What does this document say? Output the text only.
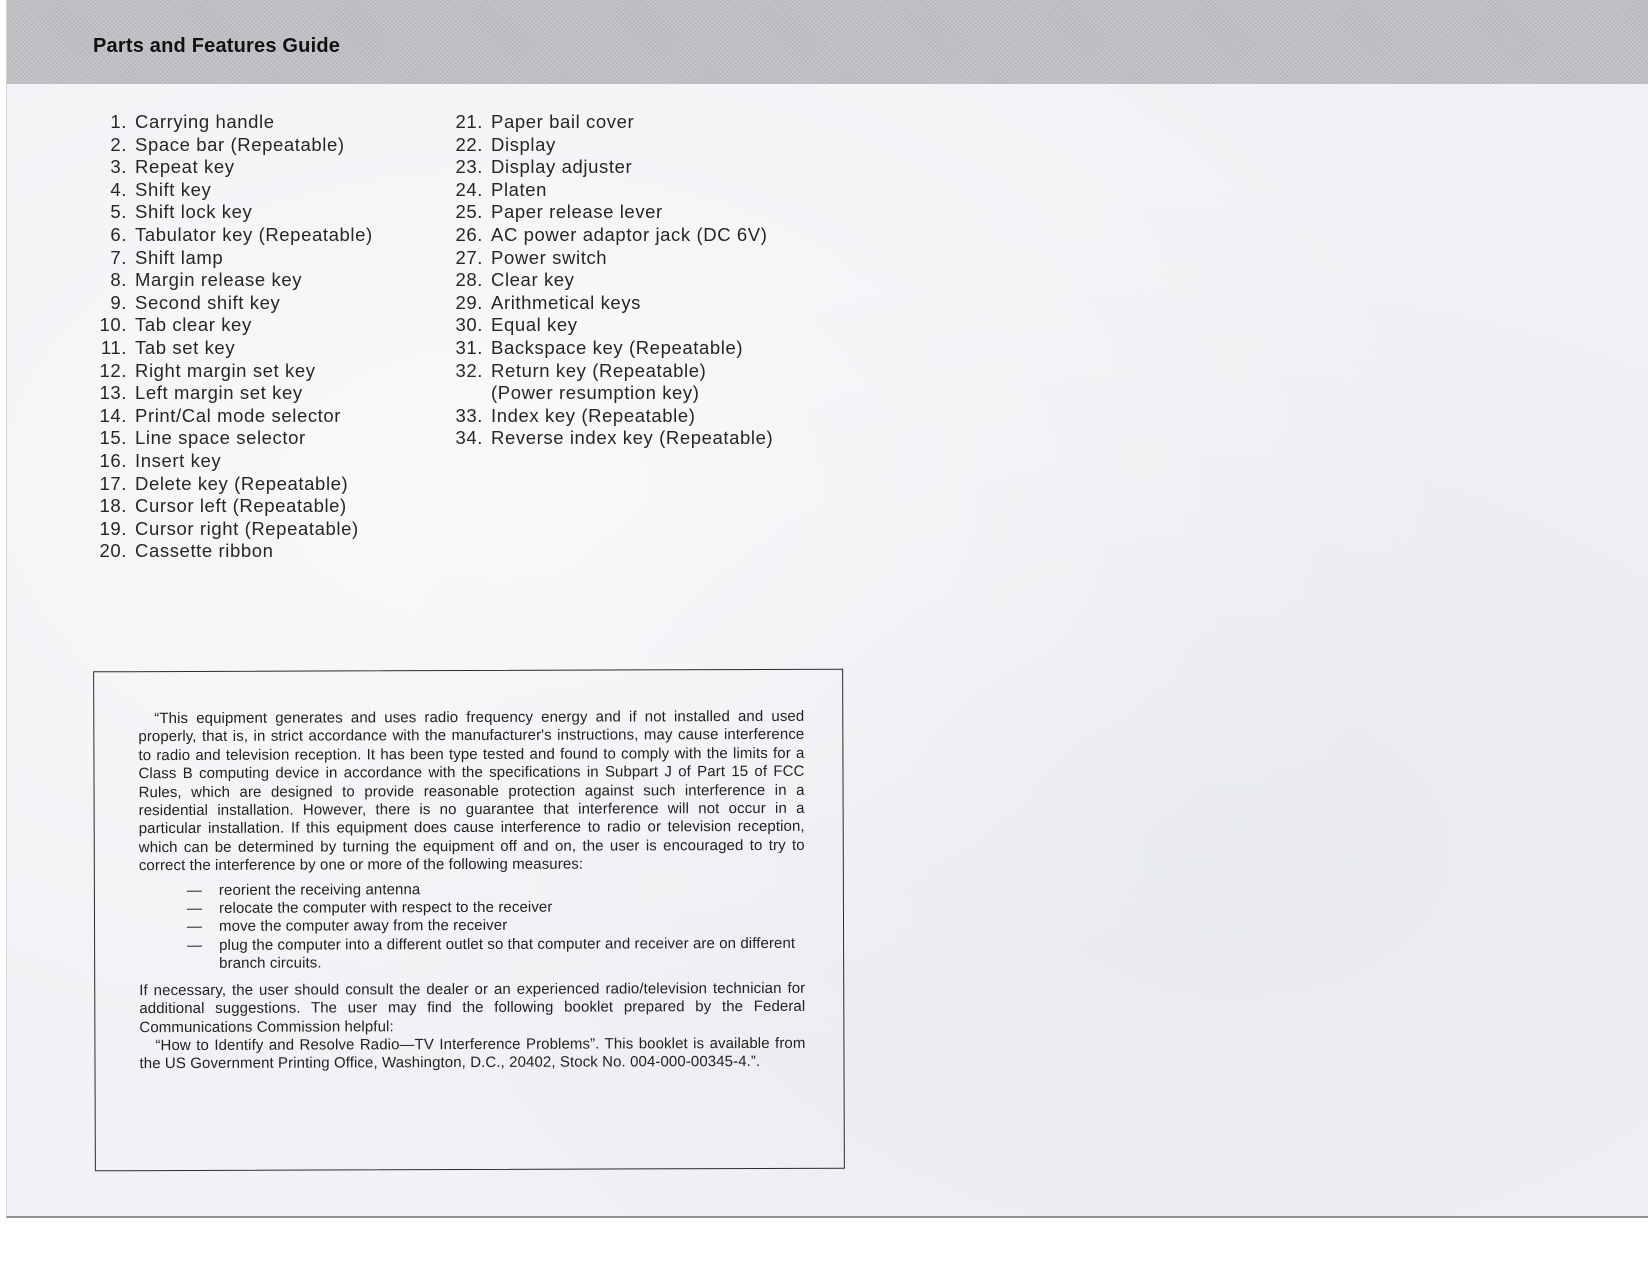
Parts and Features Guide
1. Carrying handle
2. Space bar (Repeatable)
3. Repeat key
4. Shift key
5. Shift lock key
6. Tabulator key (Repeatable)
7. Shift lamp
8. Margin release key
9. Second shift key
10. Tab clear key
11. Tab set key
12. Right margin set key
13. Left margin set key
14. Print/Cal mode selector
15. Line space selector
16. Insert key
17. Delete key (Repeatable)
18. Cursor left (Repeatable)
19. Cursor right (Repeatable)
20. Cassette ribbon
21. Paper bail cover
22. Display
23. Display adjuster
24. Platen
25. Paper release lever
26. AC power adaptor jack (DC 6V)
27. Power switch
28. Clear key
29. Arithmetical keys
30. Equal key
31. Backspace key (Repeatable)
32. Return key (Repeatable)
(Power resumption key)
33. Index key (Repeatable)
34. Reverse index key (Repeatable)

“This equipment generates and uses radio frequency energy and if not installed and used properly, that is, in strict accordance with the manufacturer's instructions, may cause interference to radio and television reception. It has been type tested and found to comply with the limits for a Class B computing device in accordance with the specifications in Subpart J of Part 15 of FCC Rules, which are designed to provide reasonable protection against such interference in a residential installation. However, there is no guarantee that interference will not occur in a particular installation. If this equipment does cause interference to radio or television reception, which can be determined by turning the equipment off and on, the user is encouraged to try to correct the interference by one or more of the following measures:

—	reorient the receiving antenna
—	relocate the computer with respect to the receiver
—	move the computer away from the receiver
—	plug the computer into a different outlet so that computer and receiver are on different branch circuits.

If necessary, the user should consult the dealer or an experienced radio/television technician for additional suggestions. The user may find the following booklet prepared by the Federal Communications Commission helpful:

“How to Identify and Resolve Radio—TV Interference Problems”. This booklet is available from the US Government Printing Office, Washington, D.C., 20402, Stock No. 004-000-00345-4.”.
